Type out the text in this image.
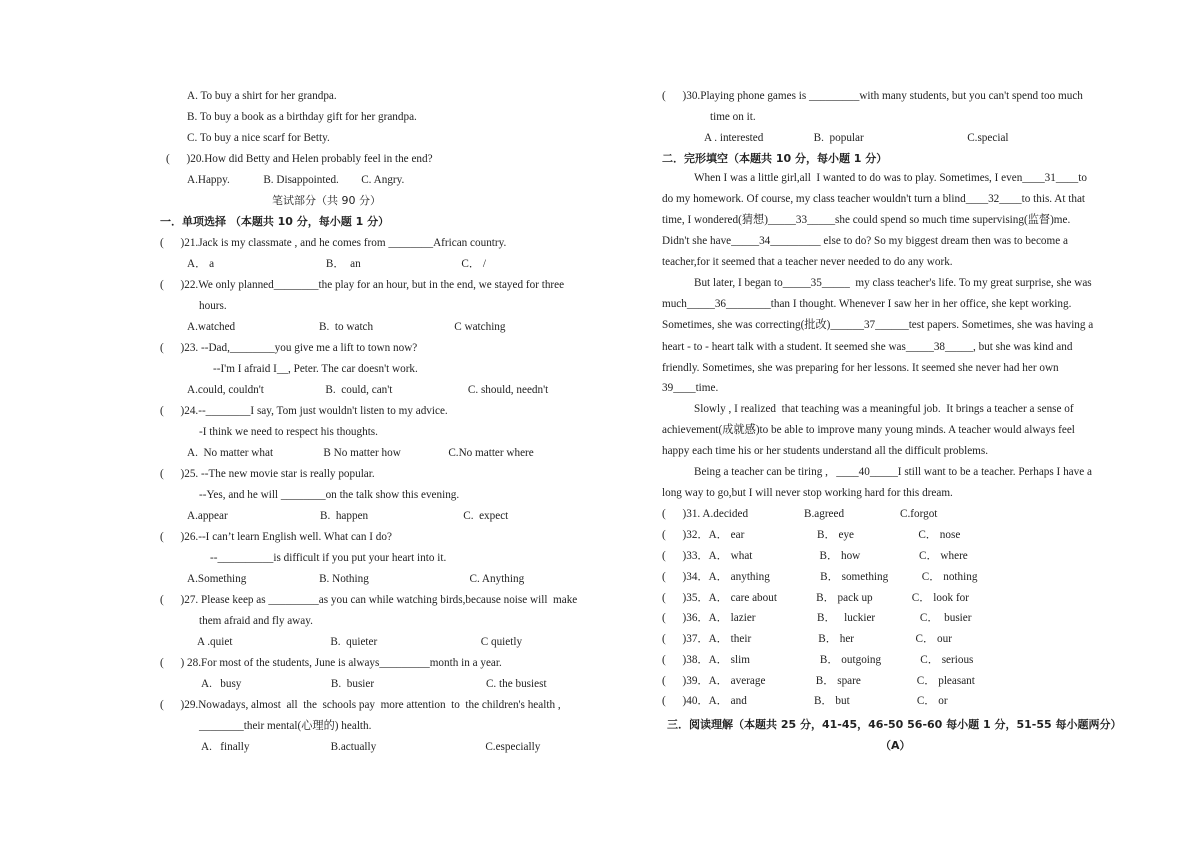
A. To buy a shirt for her grandpa.
B. To buy a book as a birthday gift for her grandpa.
C. To buy a nice scarf for Betty.
(      )20.How did Betty and Helen probably feel in the end?
A.Happy.            B. Disappointed.        C. Angry.
笔试部分（共 90 分）
一．单项选择 （本题共 10 分，每小题 1 分）
(      )21.Jack is my classmate , and he comes from ________African country.
A． a                                        B．  an                                    C． /
(      )22.We only planned________the play for an hour, but in the end, we stayed for three
hours.
A.watched                              B.  to watch                             C watching
(      )23. --Dad,________you give me a lift to town now?
--I'm I afraid I__, Peter. The car doesn't work.
A.could, couldn't                      B.  could, can't                           C. should, needn't
(      )24.--________I say, Tom just wouldn't listen to my advice.
-I think we need to respect his thoughts.
A.  No matter what                  B No matter how                 C.No matter where
(      )25. --The new movie star is really popular.
--Yes, and he will ________on the talk show this evening.
A.appear                                 B.  happen                                  C.  expect
(      )26.--I can’t learn English well. What can I do?
--__________is difficult if you put your heart into it.
A.Something                          B. Nothing                                    C. Anything
(      )27. Please keep as _________as you can while watching birds,because noise will  make
them afraid and fly away.
A .quiet                                   B.  quieter                                     C quietly
(      ) 28.For most of the students, June is always_________month in a year.
A.   busy                                B.  busier                                        C. the busiest
(      )29.Nowadays, almost  all  the  schools pay  more attention  to  the children's health ,
________their mental(心理的) health.
A.   finally                             B.actually                                       C.especially
(      )30.Playing phone games is _________with many students, but you can't spend too much
time on it.
A . interested                  B.  popular                                     C.special
二．完形填空（本题共 10 分，每小题 1 分）
When I was a little girl,all  I wanted to do was to play. Sometimes, I even____31____to
do my homework. Of course, my class teacher wouldn't turn a blind____32____to this. At that
time, I wondered(猜想)_____33_____she could spend so much time supervising(监督)me.
Didn't she have_____34_________ else to do? So my biggest dream then was to become a
teacher,for it seemed that a teacher never needed to do any work.
But later, I began to_____35_____  my class teacher's life. To my great surprise, she was
much_____36________than I thought. Whenever I saw her in her office, she kept working.
Sometimes, she was correcting(批改)______37______test papers. Sometimes, she was having a
heart - to - heart talk with a student. It seemed she was_____38_____, but she was kind and
friendly. Sometimes, she was preparing for her lessons. It seemed she never had her own
39____time.
Slowly , I realized  that teaching was a meaningful job.  It brings a teacher a sense of
achievement(成就感)to be able to improve many young minds. A teacher would always feel
happy each time his or her students understand all the difficult problems.
Being a teacher can be tiring ,   ____40_____I still want to be a teacher. Perhaps I have a
long way to go,but I will never stop working hard for this dream.
(      )31. A.decided                    B.agreed                    C.forgot
(      )32．A． ear                          B． eye                       C． nose
(      )33．A． what                        B． how                     C． where
(      )34．A． anything                  B． something            C． nothing
(      )35．A． care about              B． pack up              C． look for
(      )36．A． lazier                      B．   luckier                C．  busier
(      )37．A． their                        B． her                      C． our
(      )38．A． slim                         B． outgoing              C． serious
(      )39．A． average                  B． spare                    C． pleasant
(      )40．A． and                        B． but                        C． or
三．阅读理解（本题共 25 分，41-45，46-50 56-60 每小题 1 分，51-55 每小题两分）
（A）
